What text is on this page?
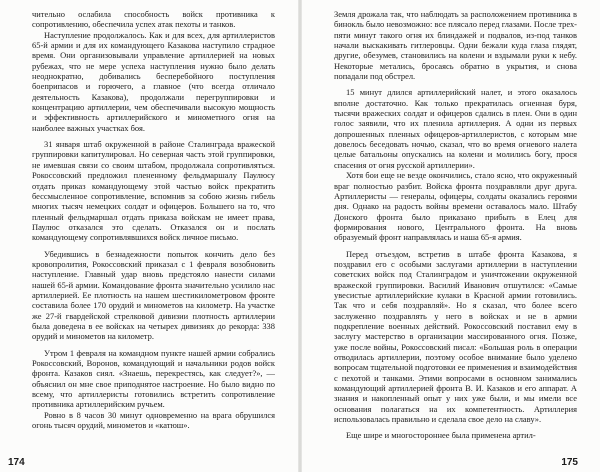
чительно ослабила способность войск противника к сопротивлению, обеспечила успех атак пехоты и танков.

Наступление продолжалось. Как и для всех, для артиллеристов 65-й армии и для их командующего Казакова наступило страдное время. Они организовывали управление артиллерией на новых рубежах, что не мере успеха наступления нужно было делать неоднократно, добивались бесперебойного поступления боеприпасов и горючего, а главное (что всегда отличало деятельность Казакова), продолжали перегруппировки и концентрацию артиллерии, чем обеспечивали высокую мощность и эффективность артиллерийского и минометного огня на наиболее важных участках боя.

31 января штаб окруженной в районе Сталинграда вражеской группировки капитулировал. Но северная часть этой группировки, не имевшая связи со своим штабом, продолжала сопротивляться. Рокоссовский предложил плененному фельдмаршалу Паулюсу отдать приказ командующему этой частью войск прекратить бессмысленное сопротивление, вспомнив за собою жизнь гибель многих тысяч немецких солдат и офицеров. Большего на то, что пленный фельдмаршал отдать приказа войскам не имеет права, Паулюс отказался это сделать. Отказался он и послать командующему сопротивлявшихся войск личное письмо.

Убедившись в безнадежности попыток кончить дело без кровопролития, Рокоссовский приказал с 1 февраля возобновить наступление. Главный удар вновь предстояло нанести силами нашей 65-й армии. Командование фронта значительно усилило нас артиллерией. Ее плотность на нашем шестикилометровом фронте составила более 170 орудий и минометов на километр. На участке же 27-й гвардейской стрелковой дивизии плотность артиллерии была доведена в ее войсках на четырех дивизиях до рекорда: 338 орудий и минометов на километр.

Утром 1 февраля на командном пункте нашей армии собрались Рокоссовский, Воронов, командующий и начальники родов войск фронта. Казаков сиял. «Знаешь, перекрестясь, как следует?», — объяснил он мне свое приподнятое настроение. Но было видно по всему, что артиллеристы готовились встретить сопротивление противника артиллерийским ручьем.

Ровно в 8 часов 30 минут одновременно на врага обрушился огонь тысяч орудий, минометов и «катюш».

174

Земля дрожала так, что наблюдать за расположением противника в бинокль было невозможно: все плясало перед глазами. После трех-пяти минут такого огня их блиндажей и подвалов, из-под танков начали выскакивать гитлеровцы. Одни бежали куда глаза глядят, другие, обезумев, становились на колени и вздымали руки к небу. Некоторые метались, бросаясь обратно в укрытия, и снова попадали под обстрел.

15 минут длился артиллерийский налет, и этого оказалось вполне достаточно. Как только прекратилась огненная буря, тысячи вражеских солдат и офицеров сдались в плен. Они в один голос заявили, что их пленила артиллерия. А одни из первых допрошенных пленных офицеров-артиллеристов, с которым мне довелось беседовать ночью, сказал, что во время огневого налета целые батальоны опускались на колени и молились богу, прося спасения от огня русской артиллерии».

Хотя бои еще не везде окончились, стало ясно, что окруженный враг полностью разбит. Войска фронта поздравляли друг друга. Артиллеристы — генералы, офицеры, солдаты оказались героями дня. Однако на радость войны времени оставалось мало. Штабу Донского фронта было приказано прибыть в Елец для формирования нового, Центрального фронта. На вновь образуемый фронт направлялась и наша 65-я армия.

Перед отъездом, встретив в штабе фронта Казакова, я поздравил его с особыми заслугами артиллерии в наступлении советских войск под Сталинградом и уничтожении окруженной вражеской группировки. Василий Иванович отшутился: «Самые увесистые артиллерийские кулаки в Красной армии готовились. Так что и себя поздравляй». Но я сказал, что более всего заслуженно поздравлять у него в войсках и не в армии подкрепление военных действий. Рокоссовский поставил ему в заслугу мастерство в организации массированного огня. Позже, уже после войны, Рокоссовский писал: «Большая роль в операции отводилась артиллерии, поэтому особое внимание было уделено вопросам тщательной подготовки ее применения и взаимодействия с пехотой и танками. Этими вопросами в основном занимались командующий артиллерией фронта В. И. Казаков и его аппарат. А знания и накопленный опыт у них уже были, и мы имели все основания полагаться на их компетентность. Артиллерия использовалась правильно и сделала свое дело на славу».

Еще шире и многостороннее была применена артил-

175
